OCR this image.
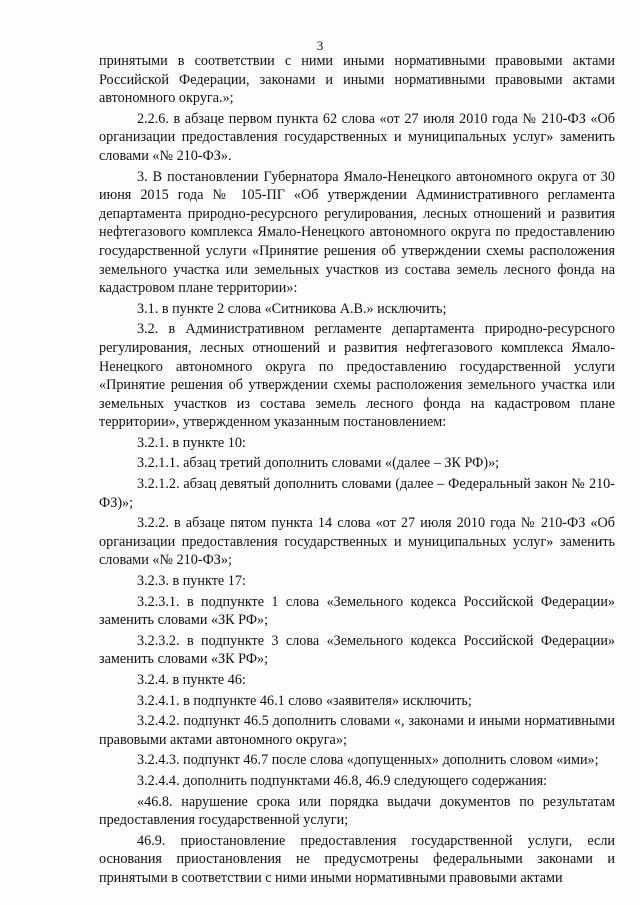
3

принятыми в соответствии с ними иными нормативными правовыми актами Российской Федерации, законами и иными нормативными правовыми актами автономного округа.»;

2.2.6. в абзаце первом пункта 62 слова «от 27 июля 2010 года № 210-ФЗ «Об организации предоставления государственных и муниципальных услуг» заменить словами «№ 210-ФЗ».

3. В постановлении Губернатора Ямало-Ненецкого автономного округа от 30 июня 2015 года № 105-ПГ «Об утверждении Административного регламента департамента природно-ресурсного регулирования, лесных отношений и развития нефтегазового комплекса Ямало-Ненецкого автономного округа по предоставлению государственной услуги «Принятие решения об утверждении схемы расположения земельного участка или земельных участков из состава земель лесного фонда на кадастровом плане территории»:

3.1. в пункте 2 слова «Ситникова А.В.» исключить;

3.2. в Административном регламенте департамента природно-ресурсного регулирования, лесных отношений и развития нефтегазового комплекса Ямало-Ненецкого автономного округа по предоставлению государственной услуги «Принятие решения об утверждении схемы расположения земельного участка или земельных участков из состава земель лесного фонда на кадастровом плане территории», утвержденном указанным постановлением:

3.2.1. в пункте 10:

3.2.1.1. абзац третий дополнить словами «(далее – ЗК РФ)»;

3.2.1.2. абзац девятый дополнить словами (далее – Федеральный закон № 210-ФЗ)»;

3.2.2. в абзаце пятом пункта 14 слова «от 27 июля 2010 года № 210-ФЗ «Об организации предоставления государственных и муниципальных услуг» заменить словами «№ 210-ФЗ»;

3.2.3. в пункте 17:

3.2.3.1. в подпункте 1 слова «Земельного кодекса Российской Федерации» заменить словами «ЗК РФ»;

3.2.3.2. в подпункте 3 слова «Земельного кодекса Российской Федерации» заменить словами «ЗК РФ»;

3.2.4. в пункте 46:

3.2.4.1. в подпункте 46.1 слово «заявителя» исключить;

3.2.4.2. подпункт 46.5 дополнить словами «, законами и иными нормативными правовыми актами автономного округа»;

3.2.4.3. подпункт 46.7 после слова «допущенных» дополнить словом «ими»;

3.2.4.4. дополнить подпунктами 46.8, 46.9 следующего содержания:

«46.8. нарушение срока или порядка выдачи документов по результатам предоставления государственной услуги;

46.9. приостановление предоставления государственной услуги, если основания приостановления не предусмотрены федеральными законами и принятыми в соответствии с ними иными нормативными правовыми актами
